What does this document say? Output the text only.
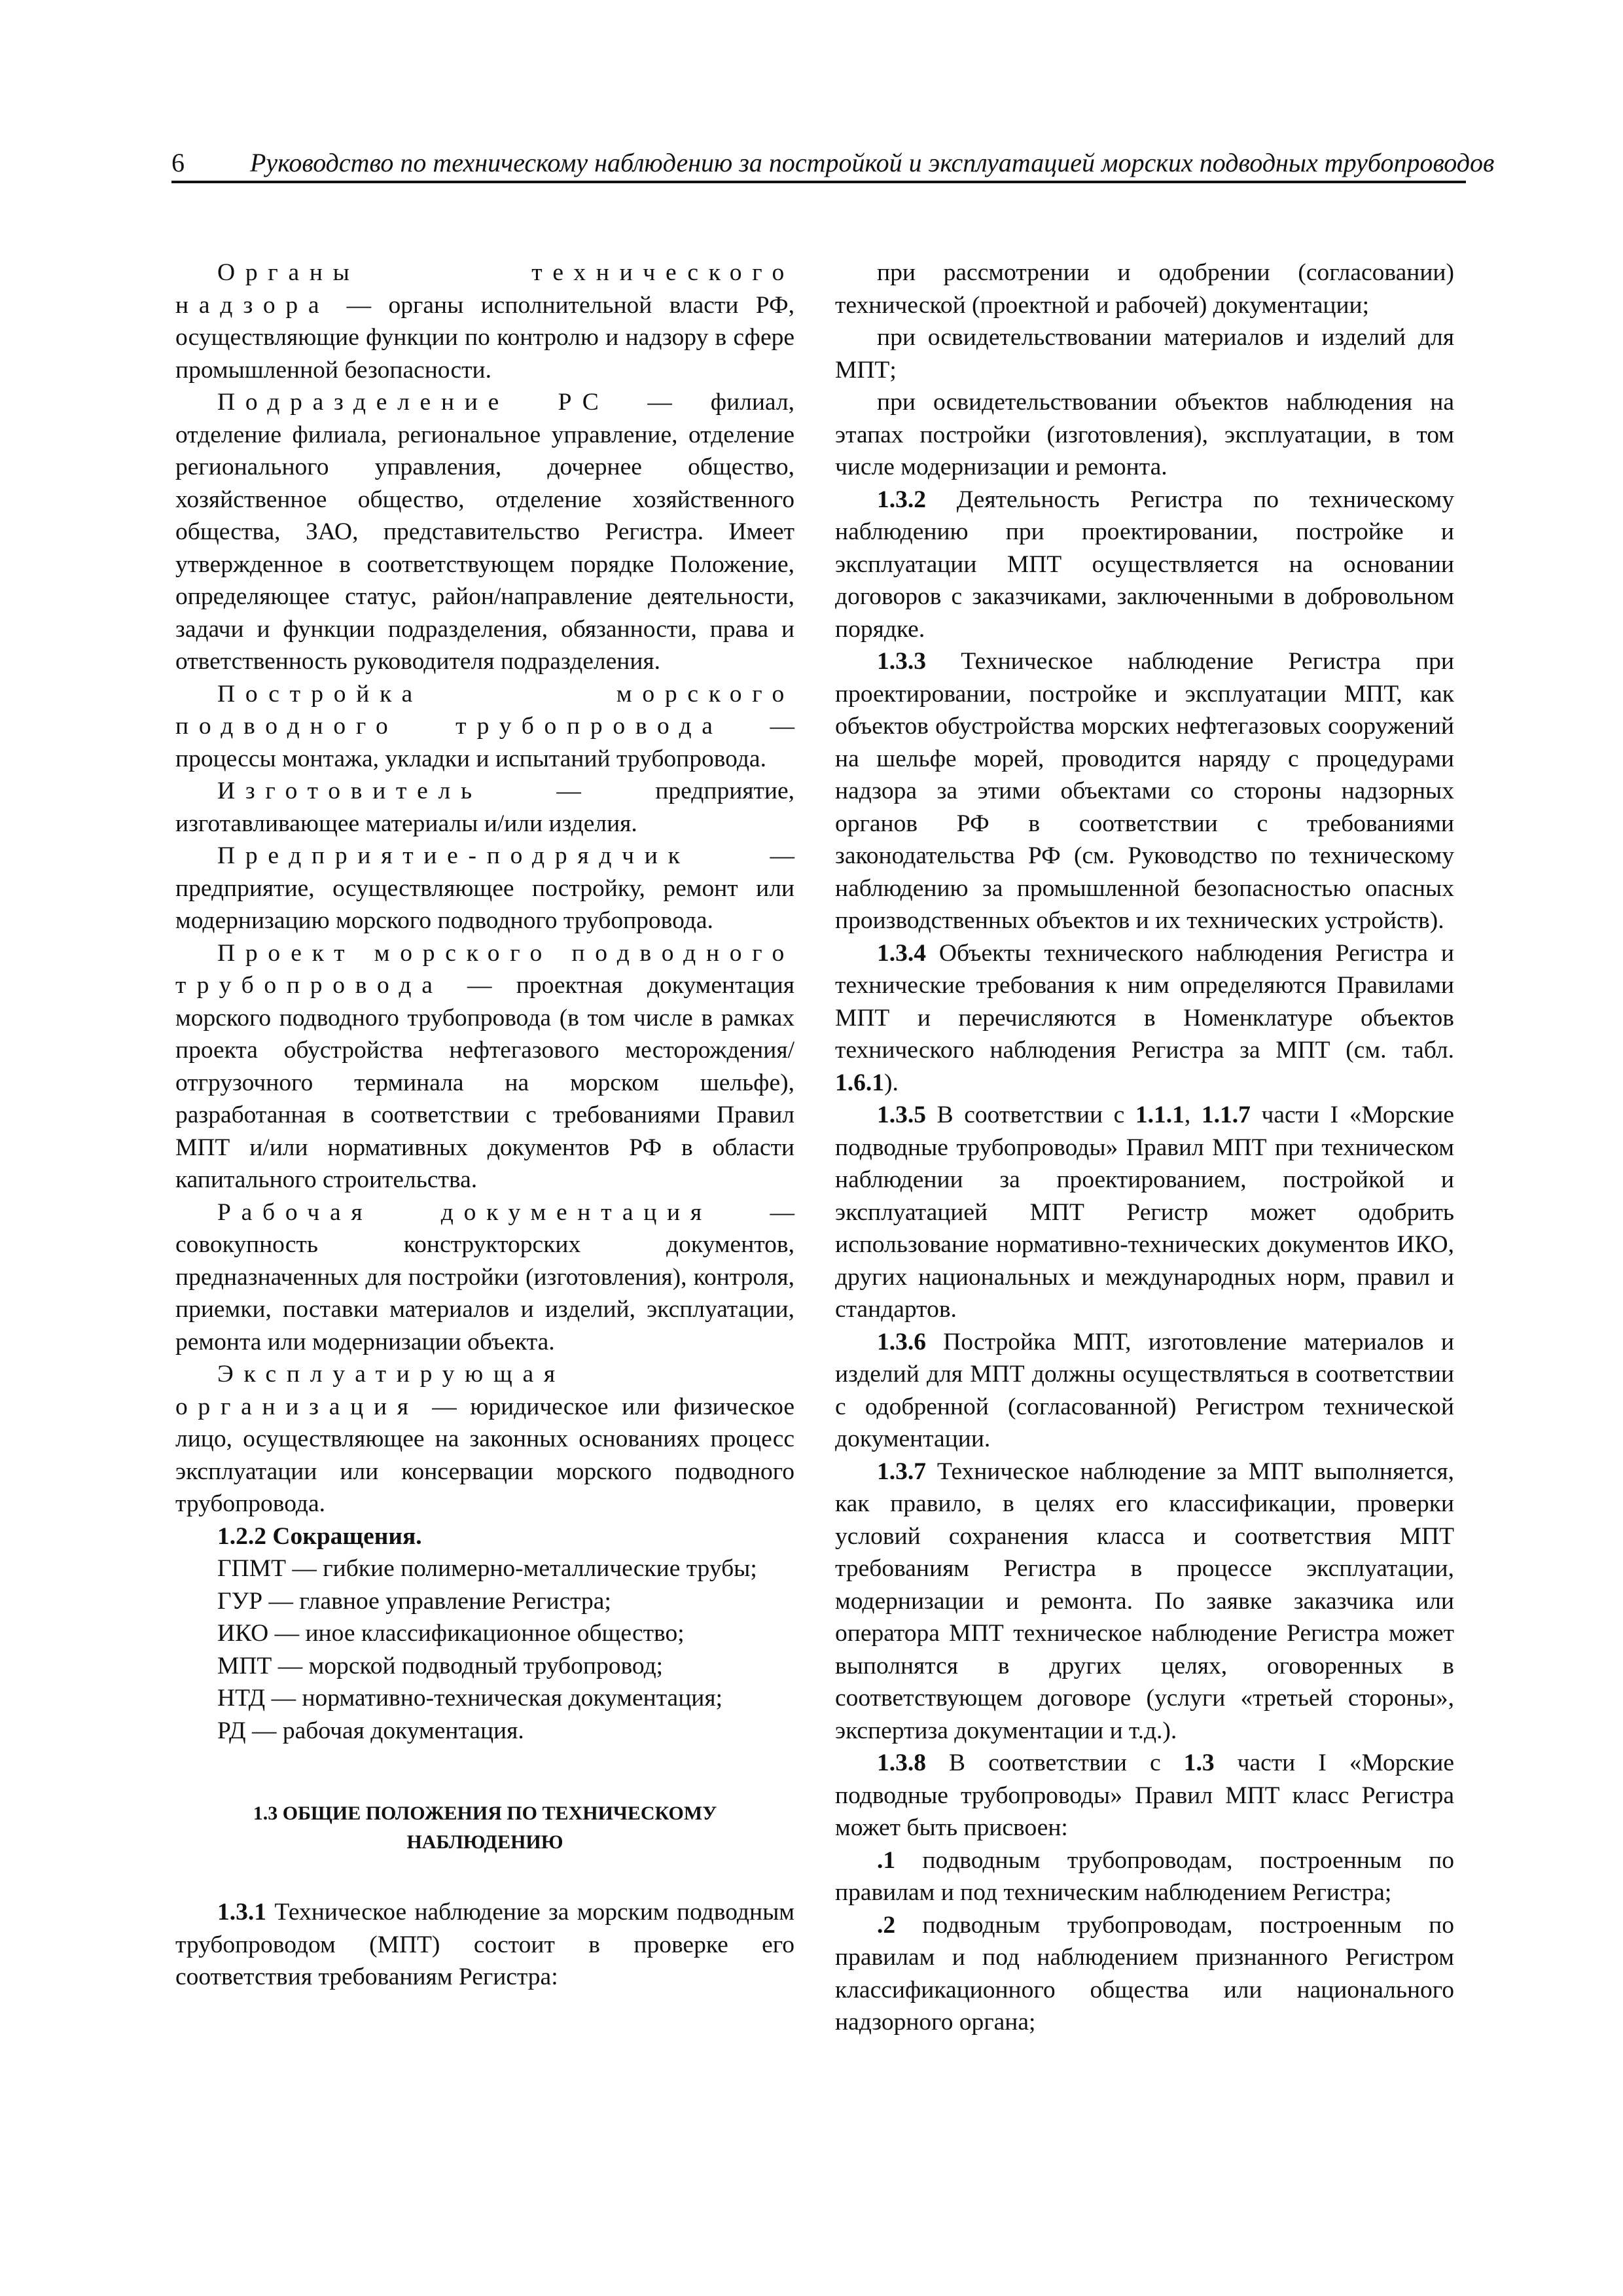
6	Руководство по техническому наблюдению за постройкой и эксплуатацией морских подводных трубопроводов

Органы технического надзора — органы исполнительной власти РФ, осуществляющие функции по контролю и надзору в сфере промышленной безопасности.

Подразделение РС — филиал, отделение филиала, региональное управление, отделение регионального управления, дочернее общество, хозяйственное общество, отделение хозяйственного общества, ЗАО, представительство Регистра. Имеет утвержденное в соответствующем порядке Положение, определяющее статус, район/направление деятельности, задачи и функции подразделения, обязанности, права и ответственность руководителя подразделения.

Постройка морского подводного трубопровода — процессы монтажа, укладки и испытаний трубопровода.

Изготовитель — предприятие, изготавливающее материалы и/или изделия.

Предприятие-подрядчик — предприятие, осуществляющее постройку, ремонт или модернизацию морского подводного трубопровода.

Проект морского подводного трубопровода — проектная документация морского подводного трубопровода (в том числе в рамках проекта обустройства нефтегазового месторождения/отгрузочного терминала на морском шельфе), разработанная в соответствии с требованиями Правил МПТ и/или нормативных документов РФ в области капитального строительства.

Рабочая документация — совокупность конструкторских документов, предназначенных для постройки (изготовления), контроля, приемки, поставки материалов и изделий, эксплуатации, ремонта или модернизации объекта.

Эксплуатирующая организация — юридическое или физическое лицо, осуществляющее на законных основаниях процесс эксплуатации или консервации морского подводного трубопровода.

1.2.2 Сокращения.

ГПМТ — гибкие полимерно-металлические трубы;

ГУР — главное управление Регистра;

ИКО — иное классификационное общество;

МПТ — морской подводный трубопровод;

НТД — нормативно-техническая документация;

РД — рабочая документация.

1.3 ОБЩИЕ ПОЛОЖЕНИЯ ПО ТЕХНИЧЕСКОМУ
НАБЛЮДЕНИЮ

1.3.1 Техническое наблюдение за морским подводным трубопроводом (МПТ) состоит в проверке его соответствия требованиям Регистра:

при рассмотрении и одобрении (согласовании) технической (проектной и рабочей) документации;

при освидетельствовании материалов и изделий для МПТ;

при освидетельствовании объектов наблюдения на этапах постройки (изготовления), эксплуатации, в том числе модернизации и ремонта.

1.3.2 Деятельность Регистра по техническому наблюдению при проектировании, постройке и эксплуатации МПТ осуществляется на основании договоров с заказчиками, заключенными в добровольном порядке.

1.3.3 Техническое наблюдение Регистра при проектировании, постройке и эксплуатации МПТ, как объектов обустройства морских нефтегазовых сооружений на шельфе морей, проводится наряду с процедурами надзора за этими объектами со стороны надзорных органов РФ в соответствии с требованиями законодательства РФ (см. Руководство по техническому наблюдению за промышленной безопасностью опасных производственных объектов и их технических устройств).

1.3.4 Объекты технического наблюдения Регистра и технические требования к ним определяются Правилами МПТ и перечисляются в Номенклатуре объектов технического наблюдения Регистра за МПТ (см. табл. 1.6.1).

1.3.5 В соответствии с 1.1.1, 1.1.7 части I «Морские подводные трубопроводы» Правил МПТ при техническом наблюдении за проектированием, постройкой и эксплуатацией МПТ Регистр может одобрить использование нормативно-технических документов ИКО, других национальных и международных норм, правил и стандартов.

1.3.6 Постройка МПТ, изготовление материалов и изделий для МПТ должны осуществляться в соответствии с одобренной (согласованной) Регистром технической документации.

1.3.7 Техническое наблюдение за МПТ выполняется, как правило, в целях его классификации, проверки условий сохранения класса и соответствия МПТ требованиям Регистра в процессе эксплуатации, модернизации и ремонта. По заявке заказчика или оператора МПТ техническое наблюдение Регистра может выполнятся в других целях, оговоренных в соответствующем договоре (услуги «третьей стороны», экспертиза документации и т.д.).

1.3.8 В соответствии с 1.3 части I «Морские подводные трубопроводы» Правил МПТ класс Регистра может быть присвоен:

.1 подводным трубопроводам, построенным по правилам и под техническим наблюдением Регистра;

.2 подводным трубопроводам, построенным по правилам и под наблюдением признанного Регистром классификационного общества или национального надзорного органа;
